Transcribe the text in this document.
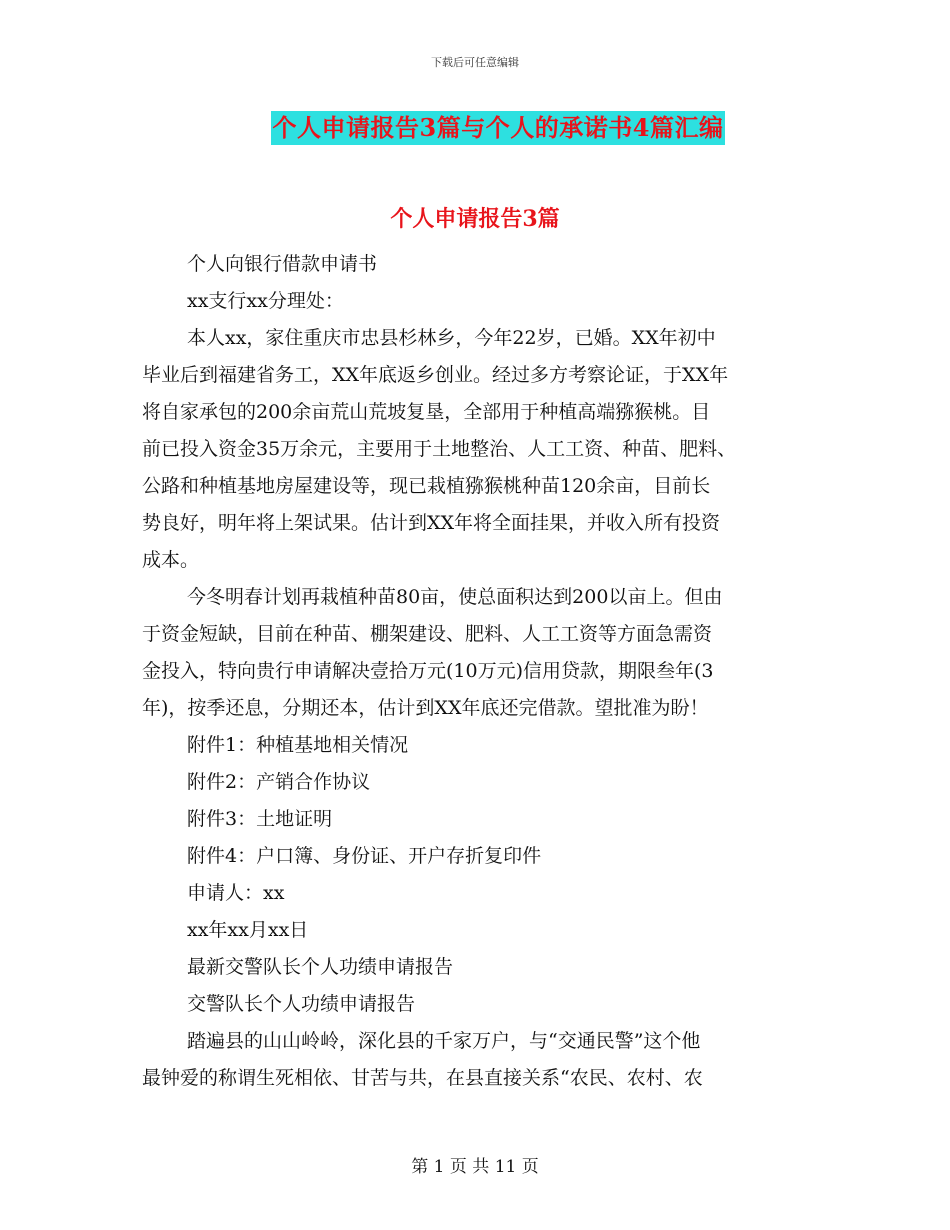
下载后可任意编辑
个人申请报告3篇与个人的承诺书4篇汇编
个人申请报告3篇
个人向银行借款申请书
xx支行xx分理处：
本人xx，家住重庆市忠县杉林乡，今年22岁，已婚。XX年初中
毕业后到福建省务工，XX年底返乡创业。经过多方考察论证，于XX年
将自家承包的200余亩荒山荒坡复垦，全部用于种植高端猕猴桃。目
前已投入资金35万余元，主要用于土地整治、人工工资、种苗、肥料、
公路和种植基地房屋建设等，现已栽植猕猴桃种苗120余亩，目前长
势良好，明年将上架试果。估计到XX年将全面挂果，并收入所有投资
成本。
今冬明春计划再栽植种苗80亩，使总面积达到200以亩上。但由
于资金短缺，目前在种苗、棚架建设、肥料、人工工资等方面急需资
金投入，特向贵行申请解决壹拾万元(10万元)信用贷款，期限叁年(3
年)，按季还息，分期还本，估计到XX年底还完借款。望批准为盼！
附件1：种植基地相关情况
附件2：产销合作协议
附件3：土地证明
附件4：户口簿、身份证、开户存折复印件
申请人：xx
xx年xx月xx日
最新交警队长个人功绩申请报告
交警队长个人功绩申请报告
踏遍县的山山岭岭，深化县的千家万户，与“交通民警”这个他
最钟爱的称谓生死相依、甘苦与共，在县直接关系“农民、农村、农
第 1 页 共 11 页
